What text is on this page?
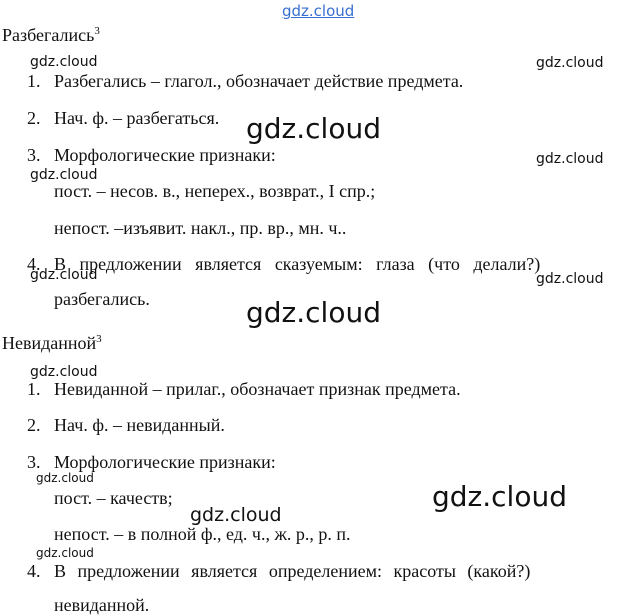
gdz.cloud
gdz.cloud	gdz.cloud
gdz.cloud
gdz.cloud
gdz.cloud
gdz.cloud	gdz.cloud
gdz.cloud
gdz.cloud
gdz.cloud
gdz.cloud
gdz.cloud
gdz.cloud
Разбегались$^3$
1. Разбегались – глагол., обозначает действие предмета.
2. Нач. ф. – разбегаться.
3. Морфологические признаки:
пост. – несов. в., неперех., возврат., I спр.;
непост. –изъявит. накл., пр. вр., мн. ч..
4. В предложении является сказуемым: глаза (что делали?)
разбегались.
Невиданной$^3$
1. Невиданной – прилаг., обозначает признак предмета.
2. Нач. ф. – невиданный.
3. Морфологические признаки:
пост. – качеств;
непост. – в полной ф., ед. ч., ж. р., р. п.
4. В предложении является определением: красоты (какой?)
невиданной.
